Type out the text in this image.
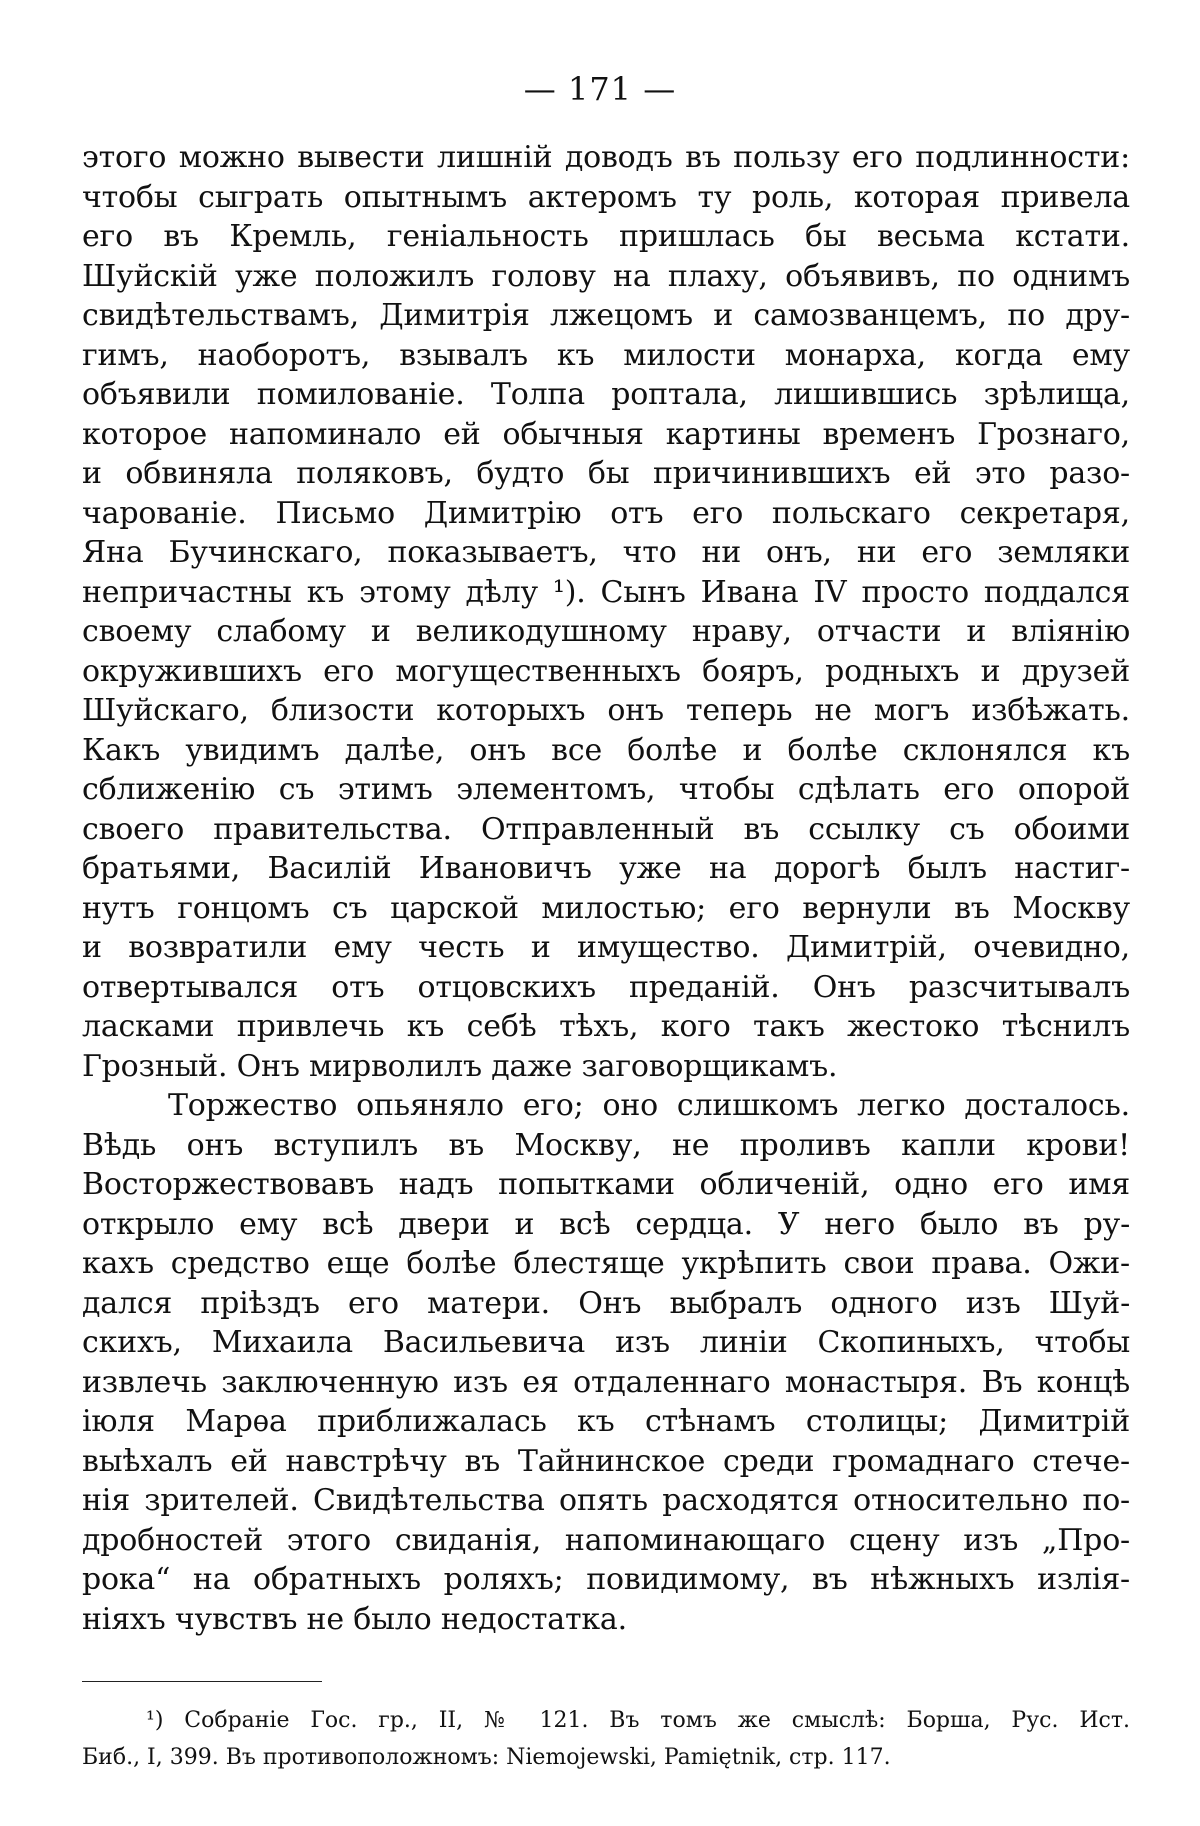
— 171 —
этого можно вывести лишній доводъ въ пользу его подлинности:
чтобы сыграть опытнымъ актеромъ ту роль, которая привела
его въ Кремль, геніальность пришлась бы весьма кстати.
Шуйскій уже положилъ голову на плаху, объявивъ, по однимъ
свидѣтельствамъ, Димитрія лжецомъ и самозванцемъ, по дру-
гимъ, наоборотъ, взывалъ къ милости монарха, когда ему
объявили помилованіе. Толпа роптала, лишившись зрѣлища,
которое напоминало ей обычныя картины временъ Грознаго,
и обвиняла поляковъ, будто бы причинившихъ ей это разо-
чарованіе. Письмо Димитрію отъ его польскаго секретаря,
Яна Бучинскаго, показываетъ, что ни онъ, ни его земляки
непричастны къ этому дѣлу ¹). Сынъ Ивана IV просто поддался
своему слабому и великодушному нраву, отчасти и вліянію
окружившихъ его могущественныхъ бояръ, родныхъ и друзей
Шуйскаго, близости которыхъ онъ теперь не могъ избѣжать.
Какъ увидимъ далѣе, онъ все болѣе и болѣе склонялся къ
сближенію съ этимъ элементомъ, чтобы сдѣлать его опорой
своего правительства. Отправленный въ ссылку съ обоими
братьями, Василій Ивановичъ уже на дорогѣ былъ настиг-
нутъ гонцомъ съ царской милостью; его вернули въ Москву
и возвратили ему честь и имущество. Димитрій, очевидно,
отвертывался отъ отцовскихъ преданій. Онъ разсчитывалъ
ласками привлечь къ себѣ тѣхъ, кого такъ жестоко тѣснилъ
Грозный. Онъ мирволилъ даже заговорщикамъ.
Торжество опьяняло его; оно слишкомъ легко досталось.
Вѣдь онъ вступилъ въ Москву, не проливъ капли крови!
Восторжествовавъ надъ попытками обличеній, одно его имя
открыло ему всѣ двери и всѣ сердца. У него было въ ру-
кахъ средство еще болѣе блестяще укрѣпить свои права. Ожи-
дался пріѣздъ его матери. Онъ выбралъ одного изъ Шуй-
скихъ, Михаила Васильевича изъ линіи Скопиныхъ, чтобы
извлечь заключенную изъ ея отдаленнаго монастыря. Въ концѣ
іюля Марѳа приближалась къ стѣнамъ столицы; Димитрій
выѣхалъ ей навстрѣчу въ Тайнинское среди громаднаго стече-
нія зрителей. Свидѣтельства опять расходятся относительно по-
дробностей этого свиданія, напоминающаго сцену изъ „Про-
рока“ на обратныхъ роляхъ; повидимому, въ нѣжныхъ излія-
ніяхъ чувствъ не было недостатка.
¹) Собраніе Гос. гр., II, № 121. Въ томъ же смыслѣ: Борша, Рус. Ист.
Биб., I, 399. Въ противоположномъ: Niemojewski, Pamiętnik, стр. 117.
